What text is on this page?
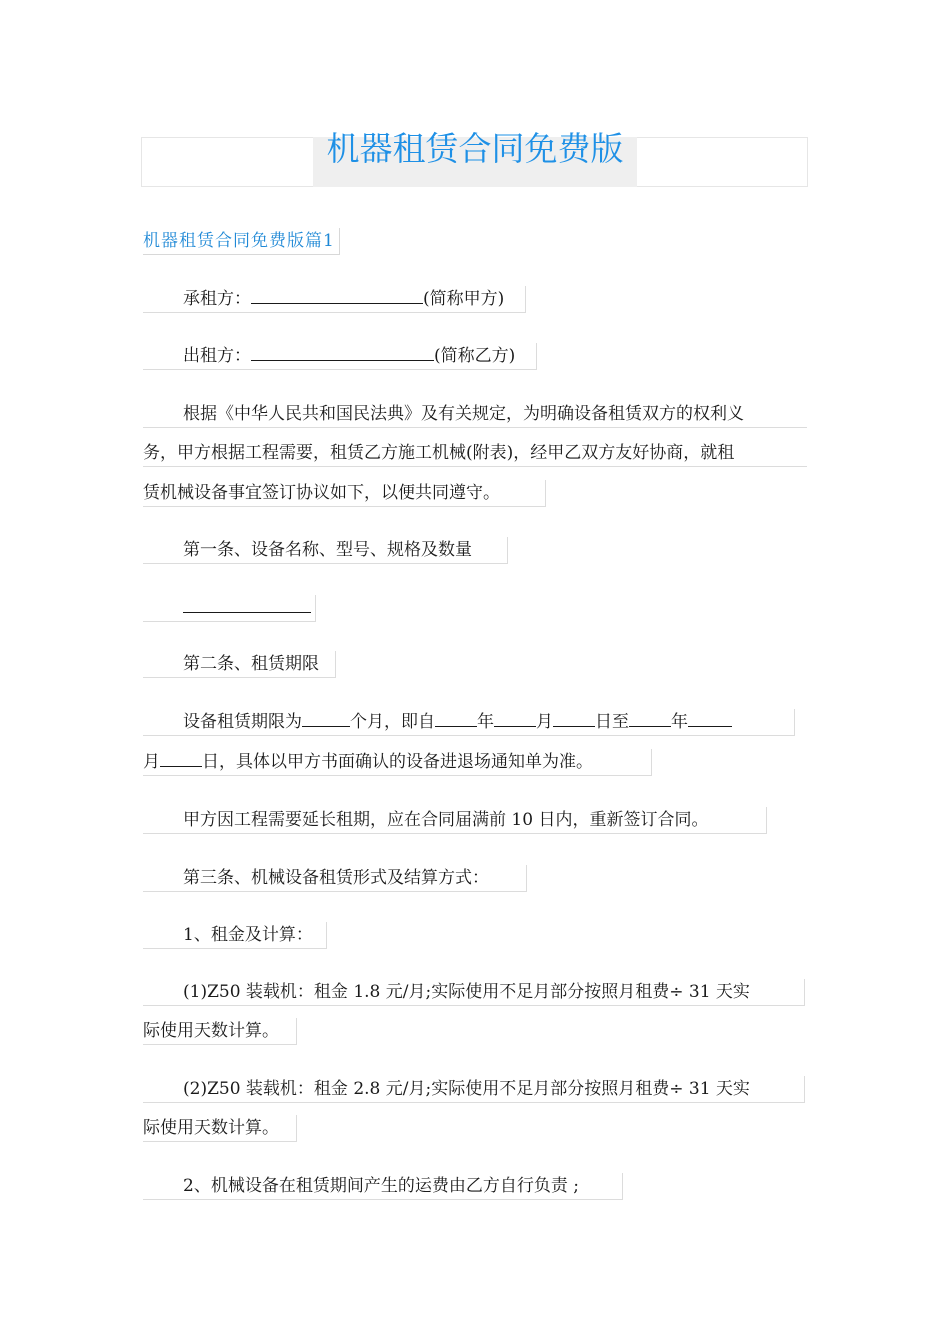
机器租赁合同免费版
机器租赁合同免费版篇1
承租方：	(简称甲方)
出租方：	(简称乙方)
根据《中华人民共和国民法典》及有关规定，为明确设备租赁双方的权利义
务，甲方根据工程需要，租赁乙方施工机械(附表)，经甲乙双方友好协商，就租
赁机械设备事宜签订协议如下，以便共同遵守。
第一条、设备名称、型号、规格及数量
第二条、租赁期限
设备租赁期限为	个月，即自 年 月 日至 年
月 日，具体以甲方书面确认的设备进退场通知单为准。
甲方因工程需要延长租期，应在合同届满前 10 日内，重新签订合同。
第三条、机械设备租赁形式及结算方式：
1、租金及计算：
(1)Z50 装载机：租金 1.8 元/月;实际使用不足月部分按照月租费÷ 31 天实
际使用天数计算。
(2)Z50 装载机：租金 2.8 元/月;实际使用不足月部分按照月租费÷ 31 天实
际使用天数计算。
2、机械设备在租赁期间产生的运费由乙方自行负责 ;
